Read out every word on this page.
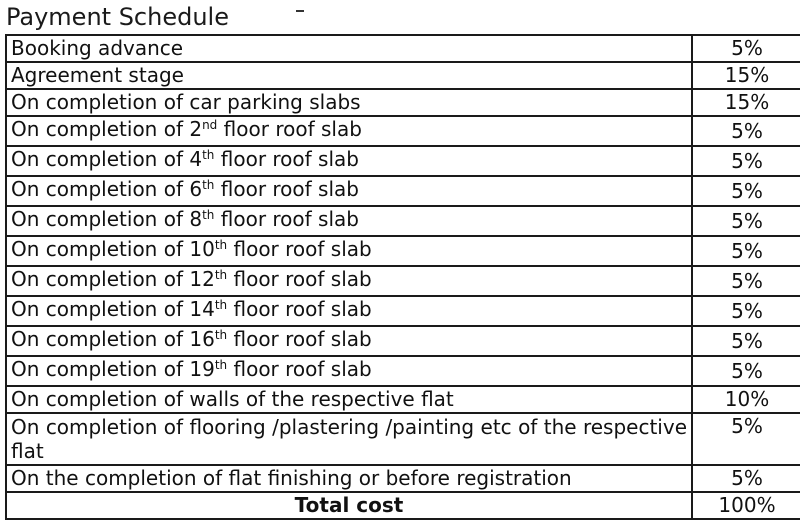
Payment Schedule
Booking advance	5%
Agreement stage	15%
On completion of car parking slabs	15%
On completion of 2nd floor roof slab	5%
On completion of 4th floor roof slab	5%
On completion of 6th floor roof slab	5%
On completion of 8th floor roof slab	5%
On completion of 10th floor roof slab	5%
On completion of 12th floor roof slab	5%
On completion of 14th floor roof slab	5%
On completion of 16th floor roof slab	5%
On completion of 19th floor roof slab	5%
On completion of walls of the respective flat	10%
On completion of flooring /plastering /painting etc of the respective flat	5%
On the completion of flat finishing or before registration	5%
Total cost	100%
